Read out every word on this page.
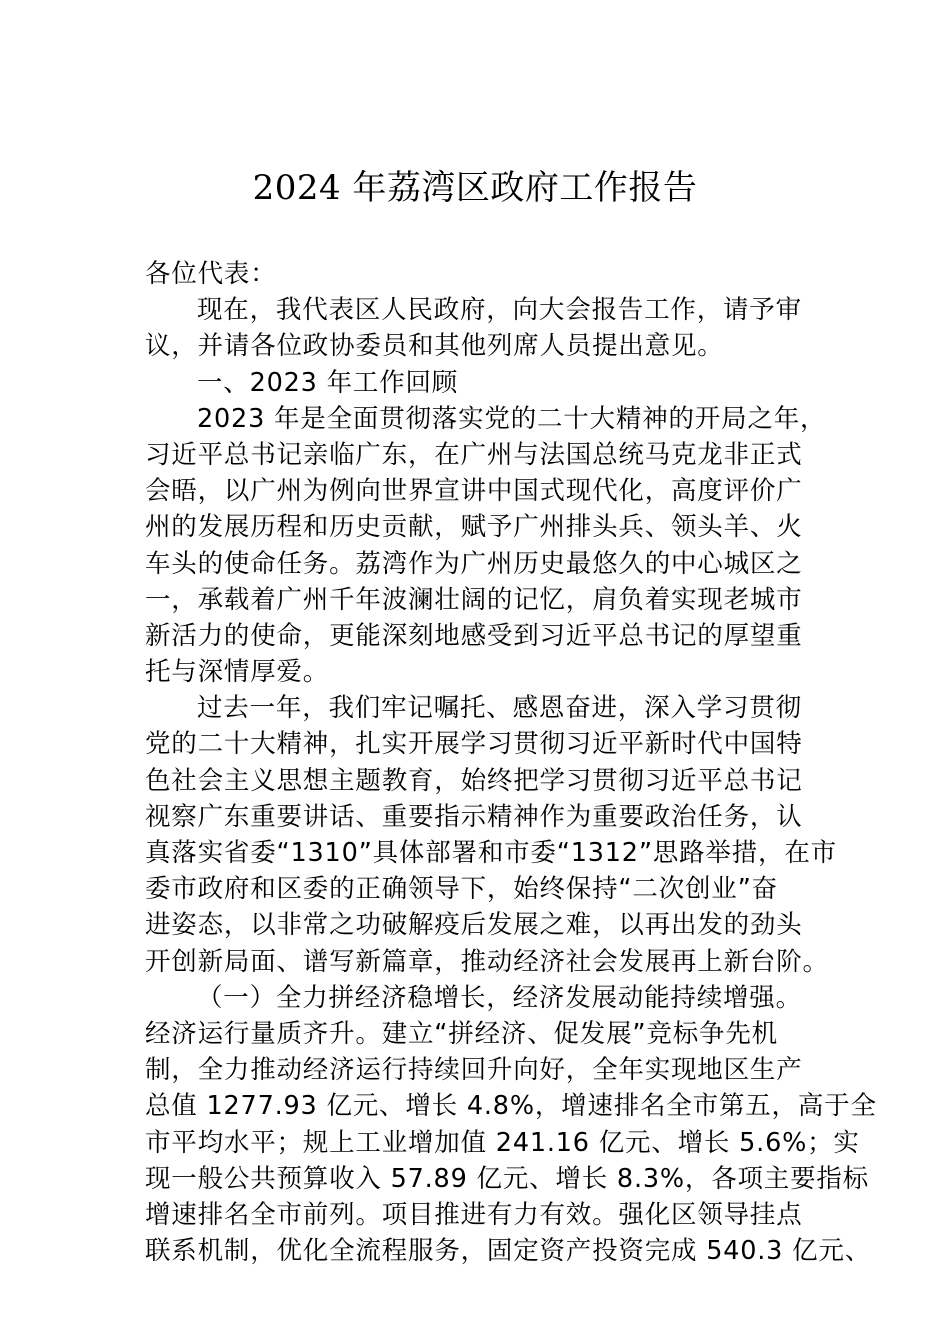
2024 年荔湾区政府工作报告
各位代表：
现在，我代表区人民政府，向大会报告工作，请予审
议，并请各位政协委员和其他列席人员提出意见。
一、2023 年工作回顾
2023 年是全面贯彻落实党的二十大精神的开局之年，
习近平总书记亲临广东，在广州与法国总统马克龙非正式
会晤，以广州为例向世界宣讲中国式现代化，高度评价广
州的发展历程和历史贡献，赋予广州排头兵、领头羊、火
车头的使命任务。荔湾作为广州历史最悠久的中心城区之
一，承载着广州千年波澜壮阔的记忆，肩负着实现老城市
新活力的使命，更能深刻地感受到习近平总书记的厚望重
托与深情厚爱。
过去一年，我们牢记嘱托、感恩奋进，深入学习贯彻
党的二十大精神，扎实开展学习贯彻习近平新时代中国特
色社会主义思想主题教育，始终把学习贯彻习近平总书记
视察广东重要讲话、重要指示精神作为重要政治任务，认
真落实省委“1310”具体部署和市委“1312”思路举措，在市
委市政府和区委的正确领导下，始终保持“二次创业”奋
进姿态，以非常之功破解疫后发展之难，以再出发的劲头
开创新局面、谱写新篇章，推动经济社会发展再上新台阶。
（一）全力拼经济稳增长，经济发展动能持续增强。
经济运行量质齐升。建立“拼经济、促发展”竞标争先机
制，全力推动经济运行持续回升向好，全年实现地区生产
总值 1277.93 亿元、增长 4.8%，增速排名全市第五，高于全
市平均水平；规上工业增加值 241.16 亿元、增长 5.6%；实
现一般公共预算收入 57.89 亿元、增长 8.3%，各项主要指标
增速排名全市前列。项目推进有力有效。强化区领导挂点
联系机制，优化全流程服务，固定资产投资完成 540.3 亿元、
